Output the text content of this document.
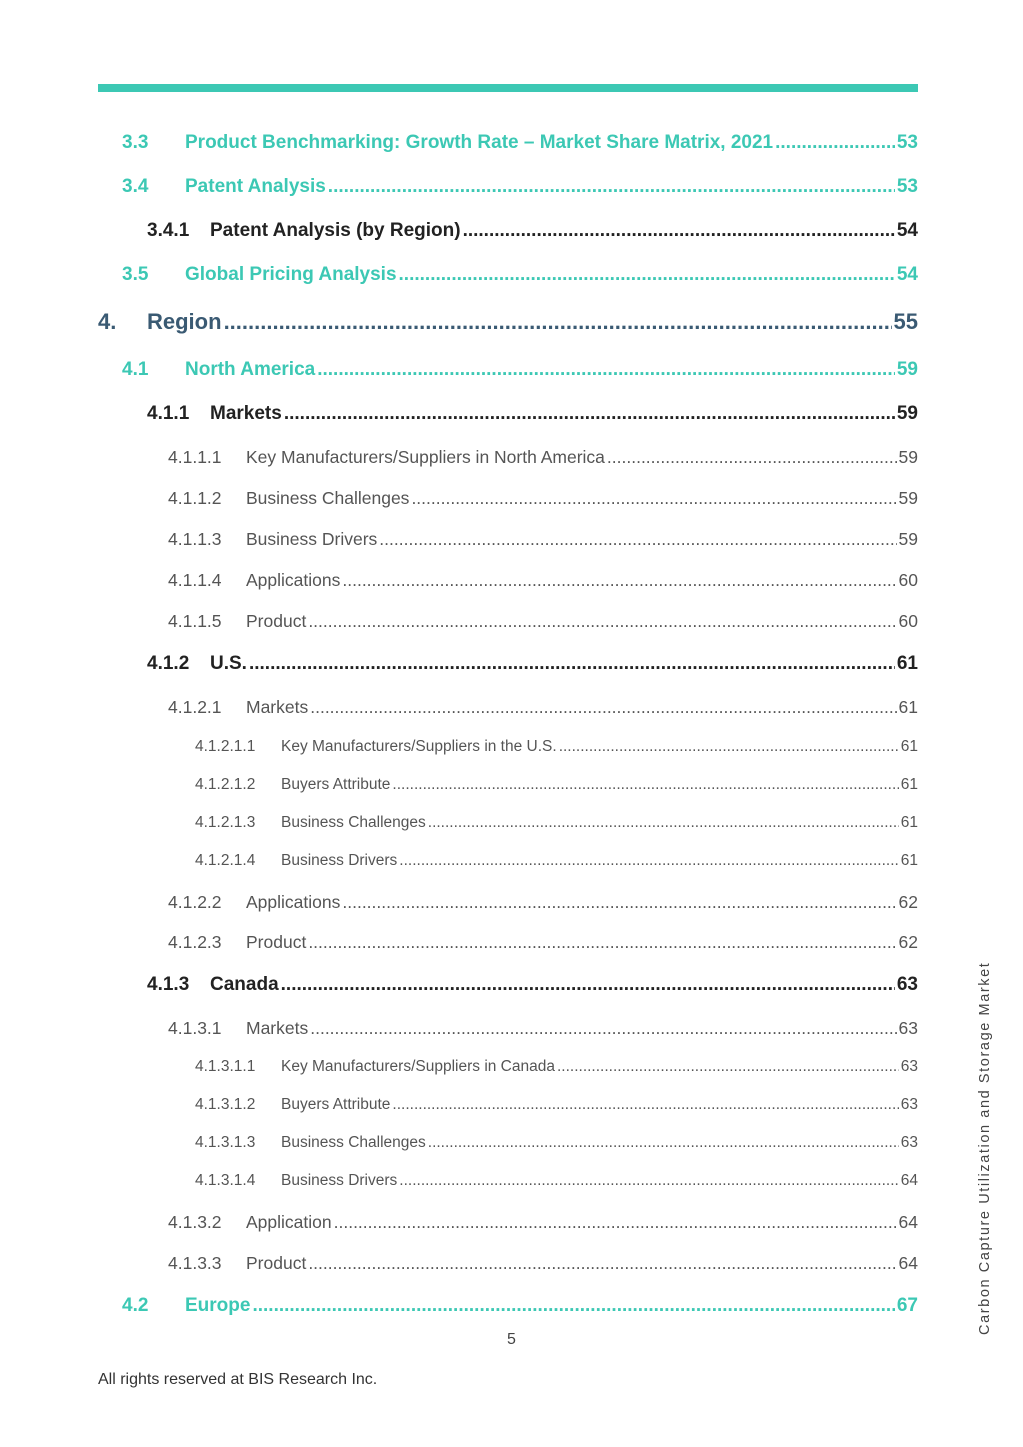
3.3	Product Benchmarking: Growth Rate – Market Share Matrix, 2021 .....	53
3.4	Patent Analysis .....	53
3.4.1	Patent Analysis (by Region) .....	54
3.5	Global Pricing Analysis .....	54
4.	Region .....	55
4.1	North America .....	59
4.1.1	Markets .....	59
4.1.1.1	Key Manufacturers/Suppliers in North America .....	59
4.1.1.2	Business Challenges .....	59
4.1.1.3	Business Drivers .....	59
4.1.1.4	Applications .....	60
4.1.1.5	Product .....	60
4.1.2	U.S. .....	61
4.1.2.1	Markets .....	61
4.1.2.1.1	Key Manufacturers/Suppliers in the U.S. .....	61
4.1.2.1.2	Buyers Attribute .....	61
4.1.2.1.3	Business Challenges .....	61
4.1.2.1.4	Business Drivers .....	61
4.1.2.2	Applications .....	62
4.1.2.3	Product .....	62
4.1.3	Canada .....	63
4.1.3.1	Markets .....	63
4.1.3.1.1	Key Manufacturers/Suppliers in Canada .....	63
4.1.3.1.2	Buyers Attribute .....	63
4.1.3.1.3	Business Challenges .....	63
4.1.3.1.4	Business Drivers .....	64
4.1.3.2	Application .....	64
4.1.3.3	Product .....	64
4.2	Europe .....	67
5
All rights reserved at BIS Research Inc.
Carbon Capture Utilization and Storage Market
